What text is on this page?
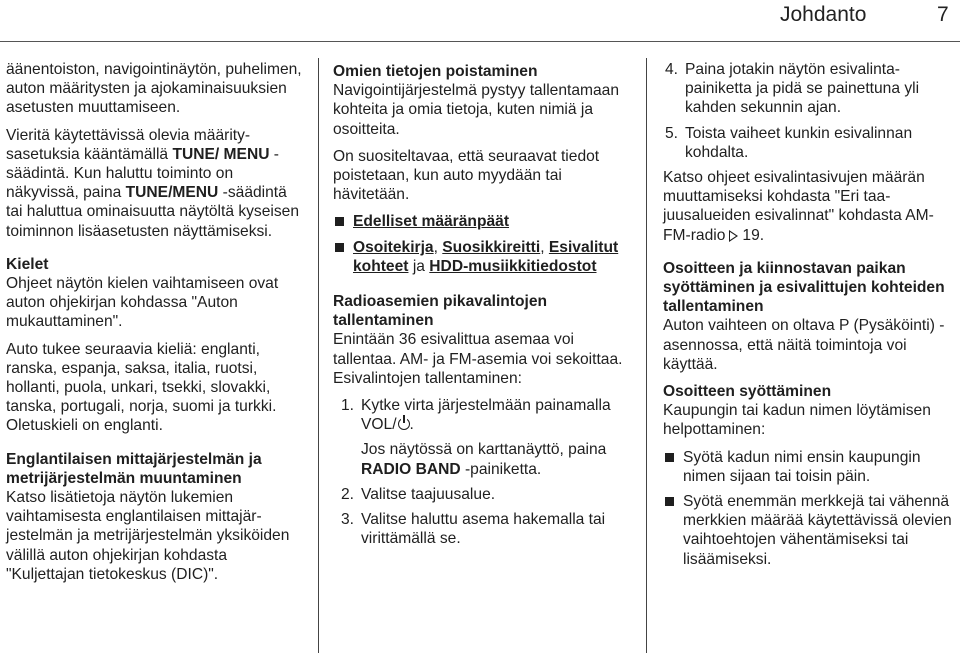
Johdanto	7

äänentoiston, navigointinäytön, puhelimen, auton määritysten ja ajokaminaisuuksien asetusten muuttamiseen.

Vieritä käytettävissä olevia määritysasetuksia kääntämällä TUNE/ MENU -säädintä. Kun haluttu toiminto on näkyvissä, paina TUNE/MENU -säädintä tai haluttua ominaisuutta näytöltä kyseisen toiminnon lisäasetusten näyttämiseksi.

Kielet

Ohjeet näytön kielen vaihtamiseen ovat auton ohjekirjan kohdassa "Auton mukauttaminen".

Auto tukee seuraavia kieliä: englanti, ranska, espanja, saksa, italia, ruotsi, hollanti, puola, unkari, tsekki, slovakki, tanska, portugali, norja, suomi ja turkki. Oletuskieli on englanti.

Englantilaisen mittajärjestelmän ja metrijärjestelmän muuntaminen

Katso lisätietoja näytön lukemien vaihtamisesta englantilaisen mittajärjestelmän ja metrijärjestelmän yksiköiden välillä auton ohjekirjan kohdasta "Kuljettajan tietokeskus (DIC)".

Omien tietojen poistaminen

Navigointijärjestelmä pystyy tallentamaan kohteita ja omia tietoja, kuten nimiä ja osoitteita.

On suositeltavaa, että seuraavat tiedot poistetaan, kun auto myydään tai hävitetään.

Edelliset määränpäät
Osoitekirja, Suosikkireitti, Esivalitut kohteet ja HDD-musiikkitiedostot
Radioasemien pikavalintojen tallentaminen

Enintään 36 esivalittua asemaa voi tallentaa. AM- ja FM-asemia voi sekoittaa. Esivalintojen tallentaminen:

1. Kytke virta järjestelmään painamalla VOL/ .
Jos näytössä on karttanäyttö, paina RADIO BAND -painiketta.
2. Valitse taajuusalue.
3. Valitse haluttu asema hakemalla tai virittämällä se.
4. Paina jotakin näytön esivalintapainiketta ja pidä se painettuna yli kahden sekunnin ajan.
5. Toista vaiheet kunkin esivalinnan kohdalta.

Katso ohjeet esivalintasivujen määrän muuttamiseksi kohdasta "Eri taajuusalueiden esivalinnat" kohdasta AM-FM-radio 19.

Osoitteen ja kiinnostavan paikan syöttäminen ja esivalittujen kohteiden tallentaminen

Auton vaihteen on oltava P (Pysäköinti) -asennossa, että näitä toimintoja voi käyttää.

Osoitteen syöttäminen

Kaupungin tai kadun nimen löytämisen helpottaminen:

Syötä kadun nimi ensin kaupungin nimen sijaan tai toisin päin.
Syötä enemmän merkkejä tai vähennä merkkien määrää käytettävissä olevien vaihtoehtojen vähentämiseksi tai lisäämiseksi.
